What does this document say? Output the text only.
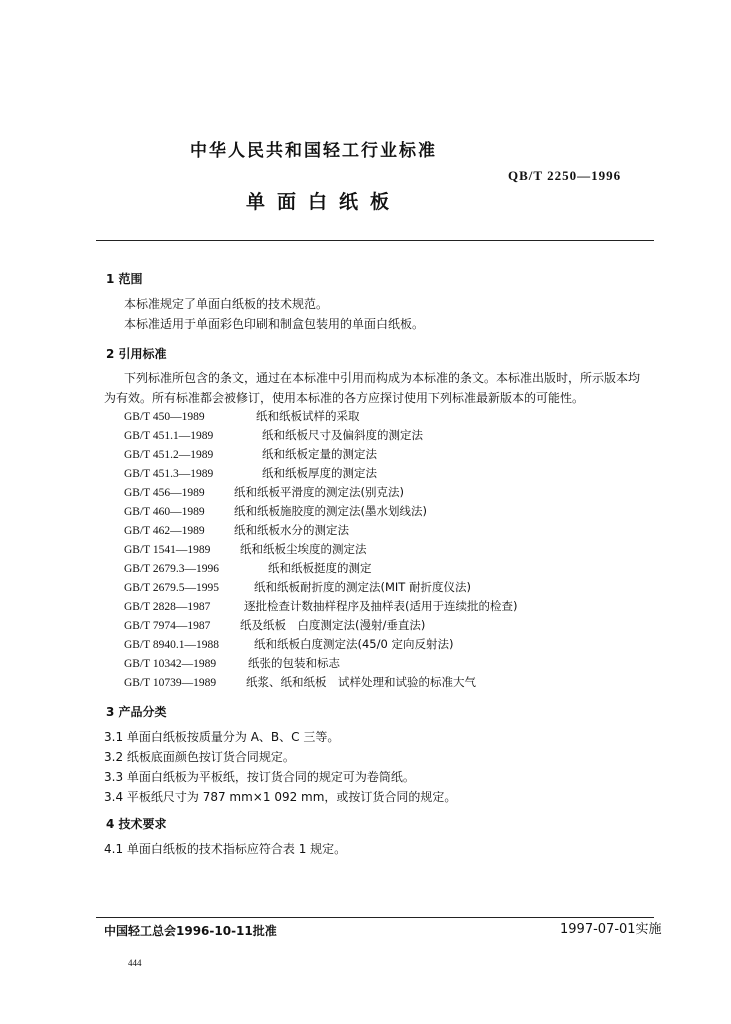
中华人民共和国轻工行业标准
QB/T 2250—1996
单面白纸板
1 范围
本标准规定了单面白纸板的技术规范。
本标准适用于单面彩色印刷和制盒包装用的单面白纸板。
2 引用标准
下列标准所包含的条文，通过在本标准中引用而构成为本标准的条文。本标准出版时，所示版本均
为有效。所有标准都会被修订，使用本标准的各方应探讨使用下列标准最新版本的可能性。
GB/T 450—1989	纸和纸板试样的采取
GB/T 451.1—1989	纸和纸板尺寸及偏斜度的测定法
GB/T 451.2—1989	纸和纸板定量的测定法
GB/T 451.3—1989	纸和纸板厚度的测定法
GB/T 456—1989	纸和纸板平滑度的测定法(别克法)
GB/T 460—1989	纸和纸板施胶度的测定法(墨水划线法)
GB/T 462—1989	纸和纸板水分的测定法
GB/T 1541—1989	纸和纸板尘埃度的测定法
GB/T 2679.3—1996	纸和纸板挺度的测定
GB/T 2679.5—1995	纸和纸板耐折度的测定法(MIT 耐折度仪法)
GB/T 2828—1987	逐批检查计数抽样程序及抽样表(适用于连续批的检查)
GB/T 7974—1987	纸及纸板　白度测定法(漫射/垂直法)
GB/T 8940.1—1988	纸和纸板白度测定法(45/0 定向反射法)
GB/T 10342—1989	纸张的包装和标志
GB/T 10739—1989	纸浆、纸和纸板　试样处理和试验的标准大气
3 产品分类
3.1 单面白纸板按质量分为 A、B、C 三等。
3.2 纸板底面颜色按订货合同规定。
3.3 单面白纸板为平板纸，按订货合同的规定可为卷筒纸。
3.4 平板纸尺寸为 787 mm×1 092 mm，或按订货合同的规定。
4 技术要求
4.1 单面白纸板的技术指标应符合表 1 规定。
中国轻工总会1996-10-11批准	1997-07-01实施
444
